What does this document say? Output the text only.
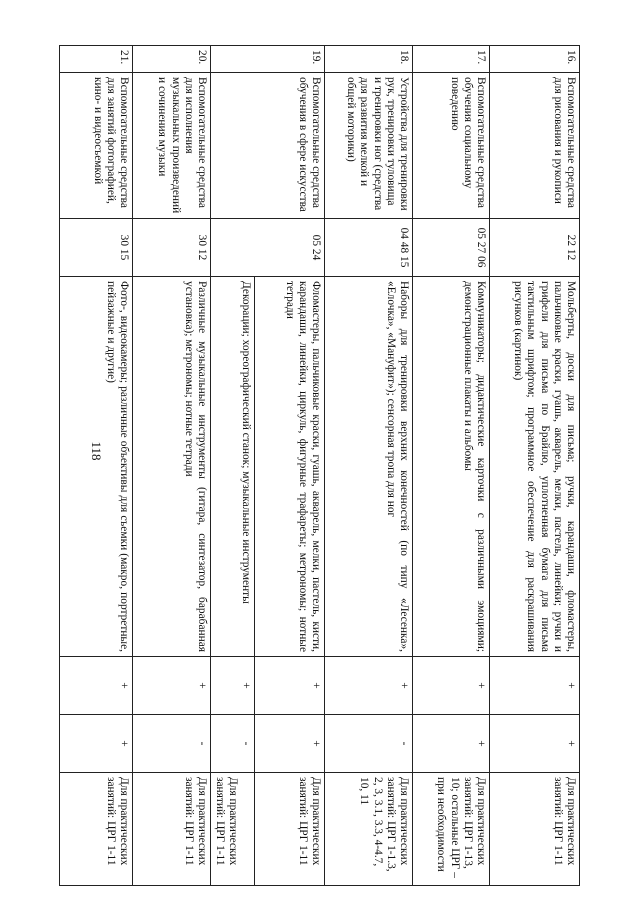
118
16.	Вспомогательные средства для рисования и рукописи	22 12	Мольберты, доски для письма; ручки, карандаши, фломастеры, пальчиковые краски, гуашь, акварель, мелки, пастель, линейки; ручки и грифели для письма по Брайлю, уплотненная бумага для письма тактильным шрифтом; программное обеспечение для раскрашивания рисунков (картинок)	+	+	Для практических занятий: ЦРГ 1-11
17.	Вспомогательные средства обучения социальному поведению	05 27 06	Коммуникаторы; дидактические карточки с различными эмоциями; демонстрационные плакаты и альбомы	+	+	Для практических занятий: ЦРГ 1-13, 10; остальные ЦРГ – при необходимости
18.	Устройства для тренировки рук, тренировки туловища и тренировки ног (средства для развития мелкой и общей моторики)	04 48 15	Наборы для тренировки верхних конечностей (по типу «Лесенка», «Елочка», «Мануфит»); сенсорная тропа для ног	+	-	Для практических занятий: ЦРГ 1-1.3, 2, 3, 3.1, 3.3, 4-4.7, 10, 11
19.	Вспомогательные средства обучения в сфере искусства	05 24	Фломастеры, пальчиковые краски, гуашь, акварель, мелки, пастель, кисти, карандаши, линейки, циркуль, фигурные трафареты; метрономы; нотные тетради	+	+	Для практических занятий: ЦРГ 1-11
			Декорации; хореографический станок; музыкальные инструменты	+	-	Для практических занятий: ЦРГ 1-11
20.	Вспомогательные средства для исполнения музыкальных произведений и сочинения музыки	30 12	Различные музыкальные инструменты (гитара, синтезатор, барабанная установка); метрономы; нотные тетради	+	-	Для практических занятий: ЦРГ 1-11
21.	Вспомогательные средства для занятий фотографией, кино- и видеосъемкой	30 15	Фото-, видеокамеры; различные объективы для съемки (макро, портретные, пейзажные и другие)	+	+	Для практических занятий: ЦРГ 1-11
